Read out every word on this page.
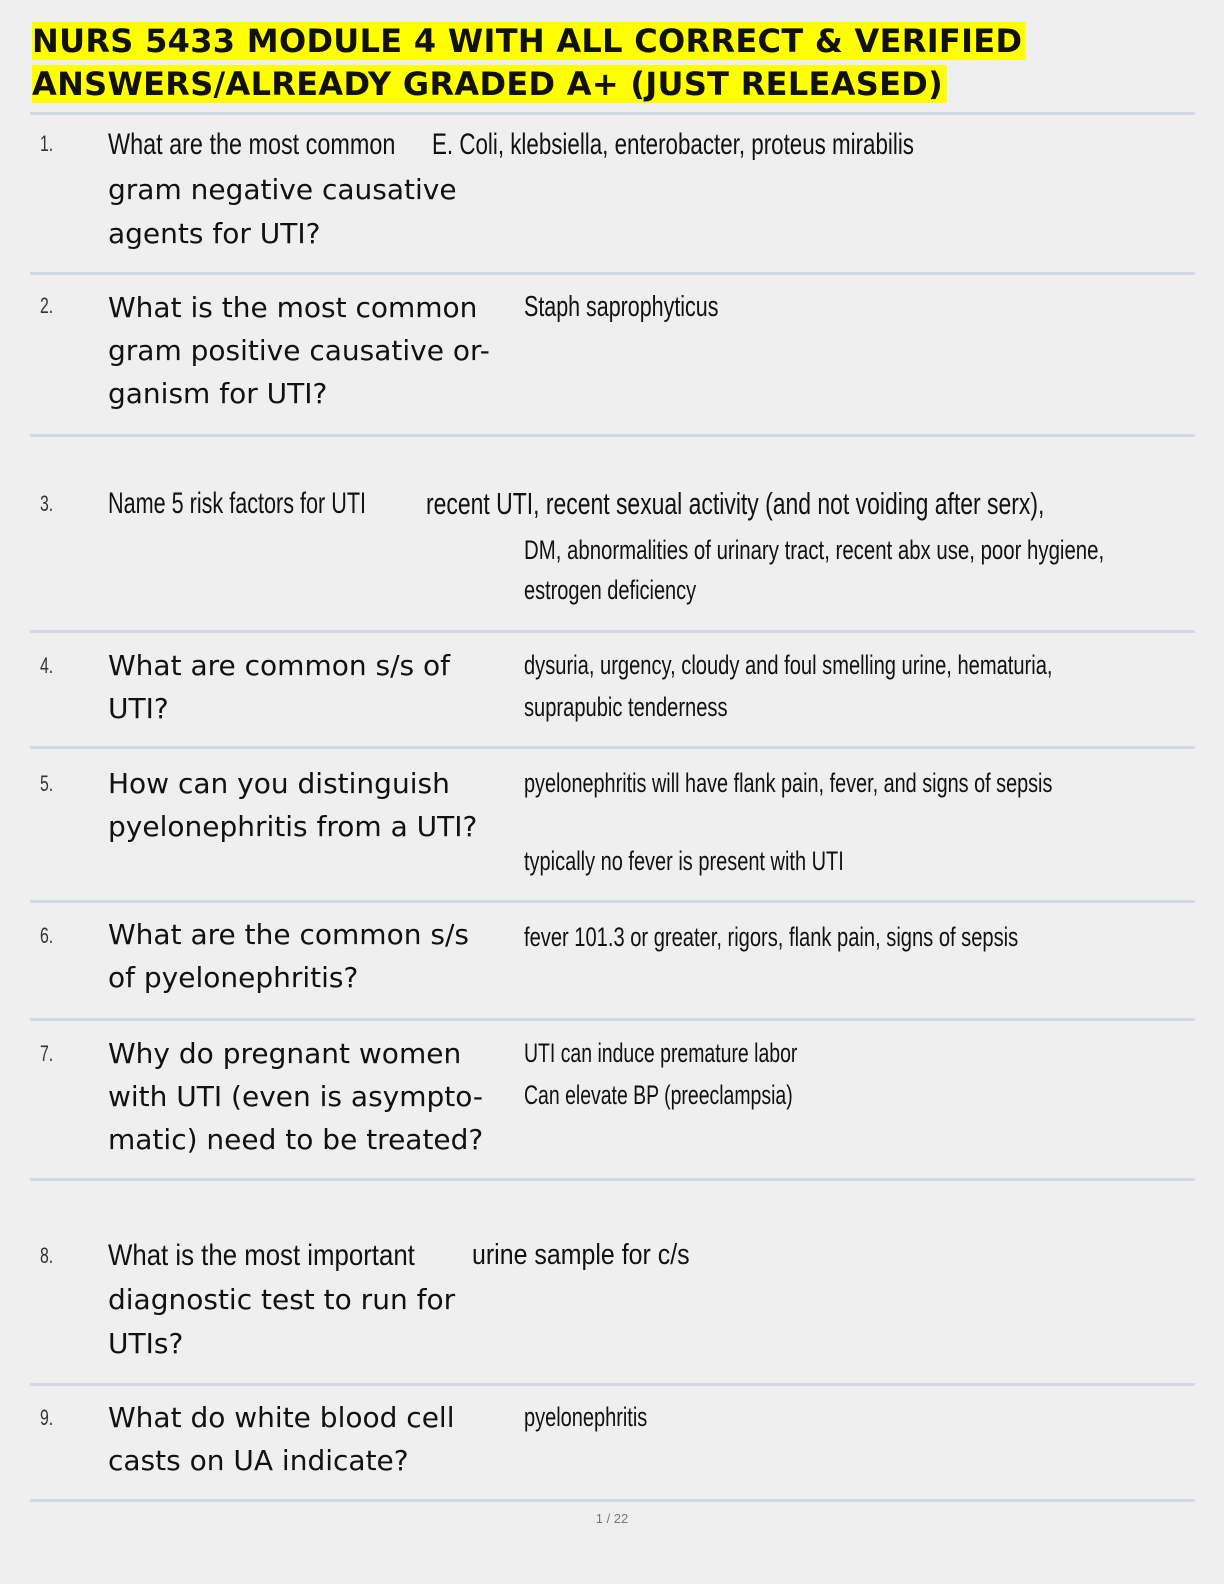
NURS 5433 MODULE 4 WITH ALL CORRECT & VERIFIED
ANSWERS/ALREADY GRADED A+ (JUST RELEASED)
1. What are the most common
gram negative causative
agents for UTI?
E. Coli, klebsiella, enterobacter, proteus mirabilis
2. What is the most common
gram positive causative or-
ganism for UTI?
Staph saprophyticus
3. Name 5 risk factors for UTI	recent UTI, recent sexual activity (and not voiding after serx),
DM, abnormalities of urinary tract, recent abx use, poor hygiene,
estrogen deficiency
4. What are common s/s of
UTI?
dysuria, urgency, cloudy and foul smelling urine, hematuria,
suprapubic tenderness
5. How can you distinguish
pyelonephritis from a UTI?
pyelonephritis will have flank pain, fever, and signs of sepsis
typically no fever is present with UTI
6. What are the common s/s
of pyelonephritis?
fever 101.3 or greater, rigors, flank pain, signs of sepsis
7. Why do pregnant women
with UTI (even is asympto-
matic) need to be treated?
UTI can induce premature labor
Can elevate BP (preeclampsia)
8. What is the most important
diagnostic test to run for
UTIs?
urine sample for c/s
9. What do white blood cell
casts on UA indicate?
pyelonephritis
1 / 22
